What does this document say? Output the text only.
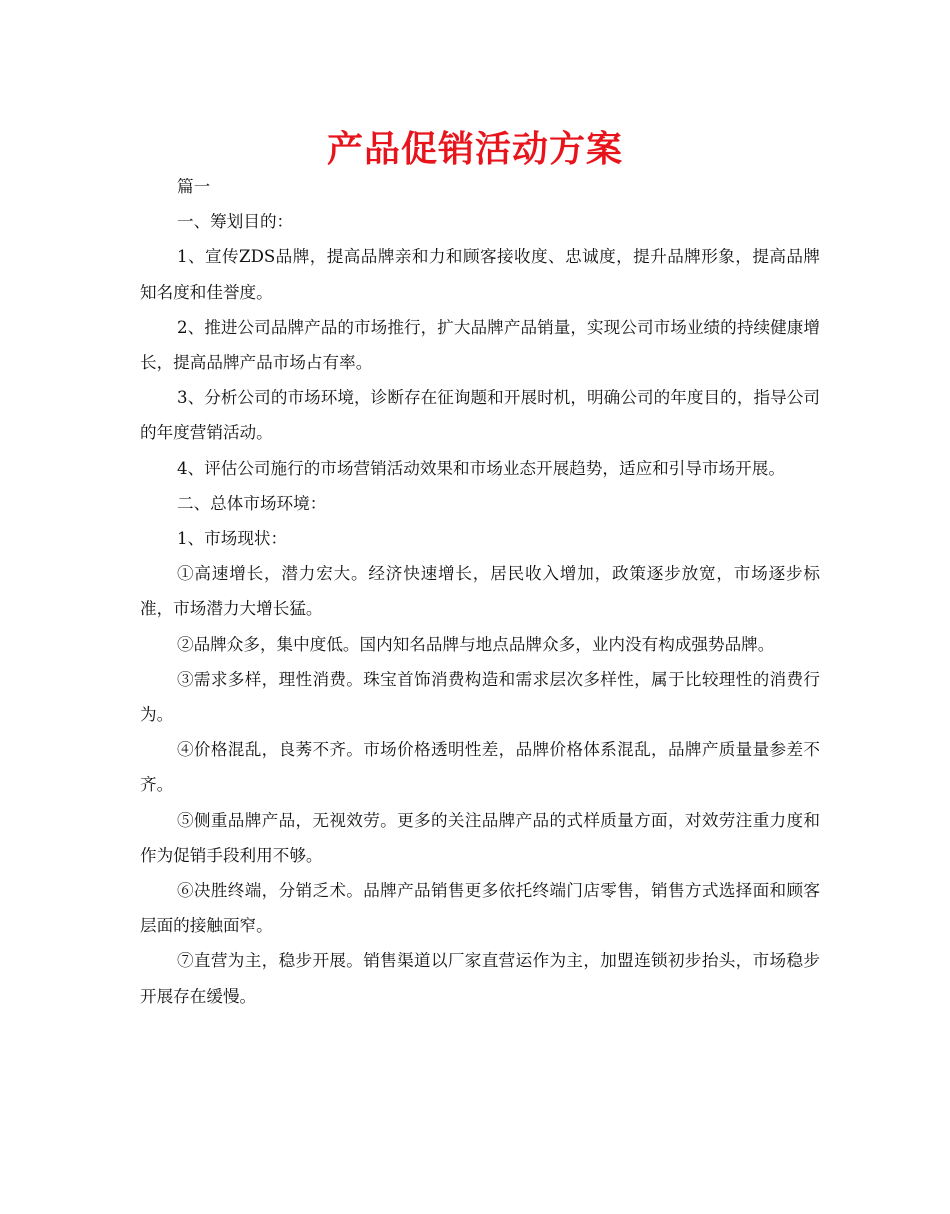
产品促销活动方案

篇一

一、筹划目的：

1、宣传ZDS品牌，提高品牌亲和力和顾客接收度、忠诚度，提升品牌形象，提高品牌知名度和佳誉度。

2、推进公司品牌产品的市场推行，扩大品牌产品销量，实现公司市场业绩的持续健康增长，提高品牌产品市场占有率。

3、分析公司的市场环境，诊断存在征询题和开展时机，明确公司的年度目的，指导公司的年度营销活动。

4、评估公司施行的市场营销活动效果和市场业态开展趋势，适应和引导市场开展。

二、总体市场环境：

1、市场现状：

①高速增长，潜力宏大。经济快速增长，居民收入增加，政策逐步放宽，市场逐步标准，市场潜力大增长猛。

②品牌众多，集中度低。国内知名品牌与地点品牌众多，业内没有构成强势品牌。

③需求多样，理性消费。珠宝首饰消费构造和需求层次多样性，属于比较理性的消费行为。

④价格混乱，良莠不齐。市场价格透明性差，品牌价格体系混乱，品牌产质量量参差不齐。

⑤侧重品牌产品，无视效劳。更多的关注品牌产品的式样质量方面，对效劳注重力度和作为促销手段利用不够。

⑥决胜终端，分销乏术。品牌产品销售更多依托终端门店零售，销售方式选择面和顾客层面的接触面窄。

⑦直营为主，稳步开展。销售渠道以厂家直营运作为主，加盟连锁初步抬头，市场稳步开展存在缓慢。
